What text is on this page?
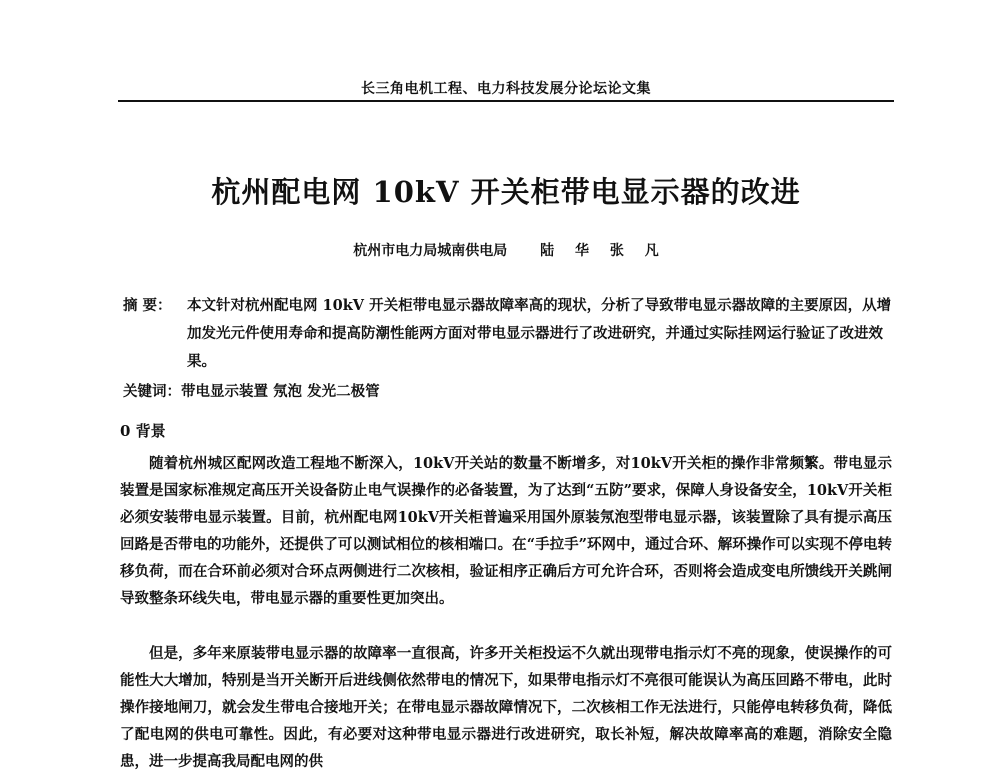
长三角电机工程、电力科技发展分论坛论文集
杭州配电网 10kV 开关柜带电显示器的改进
杭州市电力局城南供电局 陆 华 张 凡
摘 要：	本文针对杭州配电网 10kV 开关柜带电显示器故障率高的现状，分析了导致带电显示器故障的主要原因，从增加发光元件使用寿命和提高防潮性能两方面对带电显示器进行了改进研究，并通过实际挂网运行验证了改进效果。
关键词：带电显示装置 氖泡 发光二极管
0 背景

随着杭州城区配网改造工程地不断深入，10kV开关站的数量不断增多，对10kV开关柜的操作非常频繁。带电显示装置是国家标准规定高压开关设备防止电气误操作的必备装置，为了达到“五防”要求，保障人身设备安全，10kV开关柜必须安装带电显示装置。目前，杭州配电网10kV开关柜普遍采用国外原装氖泡型带电显示器，该装置除了具有提示高压回路是否带电的功能外，还提供了可以测试相位的核相端口。在“手拉手”环网中，通过合环、解环操作可以实现不停电转移负荷，而在合环前必须对合环点两侧进行二次核相，验证相序正确后方可允许合环，否则将会造成变电所馈线开关跳闸导致整条环线失电，带电显示器的重要性更加突出。

但是，多年来原装带电显示器的故障率一直很高，许多开关柜投运不久就出现带电指示灯不亮的现象，使误操作的可能性大大增加，特别是当开关断开后进线侧依然带电的情况下，如果带电指示灯不亮很可能误认为高压回路不带电，此时操作接地闸刀，就会发生带电合接地开关；在带电显示器故障情况下，二次核相工作无法进行，只能停电转移负荷，降低了配电网的供电可靠性。因此，有必要对这种带电显示器进行改进研究，取长补短，解决故障率高的难题，消除安全隐患，进一步提高我局配电网的供
